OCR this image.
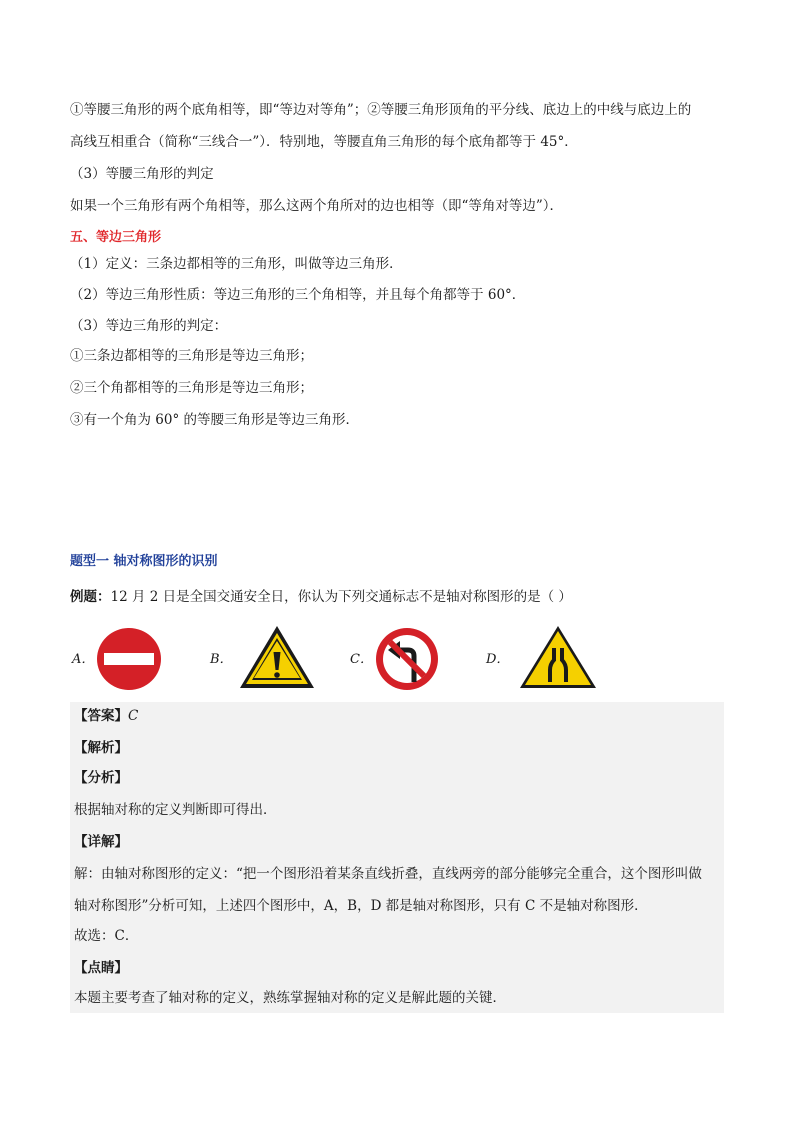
①等腰三角形的两个底角相等，即“等边对等角”；②等腰三角形顶角的平分线、底边上的中线与底边上的
高线互相重合（简称“三线合一”）．特别地，等腰直角三角形的每个底角都等于 45°．
（3）等腰三角形的判定
如果一个三角形有两个角相等，那么这两个角所对的边也相等（即“等角对等边”）．
五、等边三角形
（1）定义：三条边都相等的三角形，叫做等边三角形．
（2）等边三角形性质：等边三角形的三个角相等，并且每个角都等于 60°．
（3）等边三角形的判定：
①三条边都相等的三角形是等边三角形；
②三个角都相等的三角形是等边三角形；
③有一个角为 60° 的等腰三角形是等边三角形．
题型一 轴对称图形的识别
例题：12 月 2 日是全国交通安全日，你认为下列交通标志不是轴对称图形的是（ ）
A．	B．	C．	D．
【答案】C
【解析】
【分析】
根据轴对称的定义判断即可得出．
【详解】
解：由轴对称图形的定义：“把一个图形沿着某条直线折叠，直线两旁的部分能够完全重合，这个图形叫做
轴对称图形”分析可知，上述四个图形中，A，B，D 都是轴对称图形，只有 C 不是轴对称图形．
故选：C．
【点睛】
本题主要考查了轴对称的定义，熟练掌握轴对称的定义是解此题的关键．
